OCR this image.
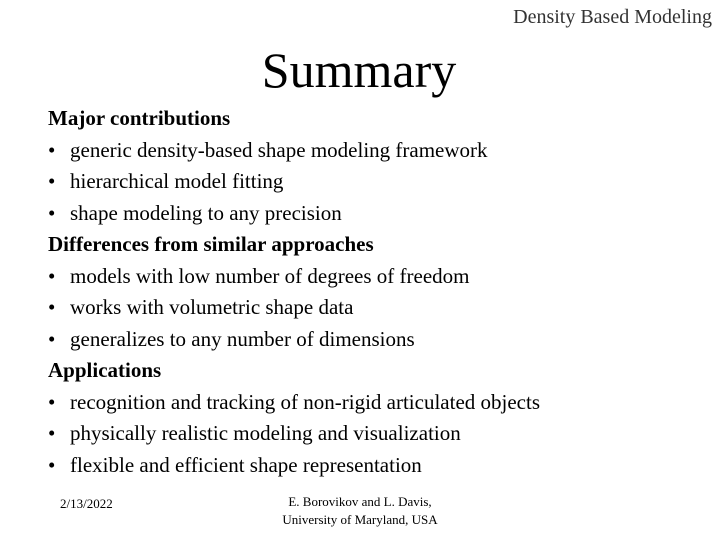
Density Based Modeling
Summary
Major contributions
• generic density-based shape modeling framework
• hierarchical model fitting
• shape modeling to any precision
Differences from similar approaches
• models with low number of degrees of freedom
• works with volumetric shape data
• generalizes to any number of dimensions
Applications
• recognition and tracking of non-rigid articulated objects
• physically realistic modeling and visualization
• flexible and efficient shape representation
2/13/2022	E. Borovikov and L. Davis,
University of Maryland, USA
